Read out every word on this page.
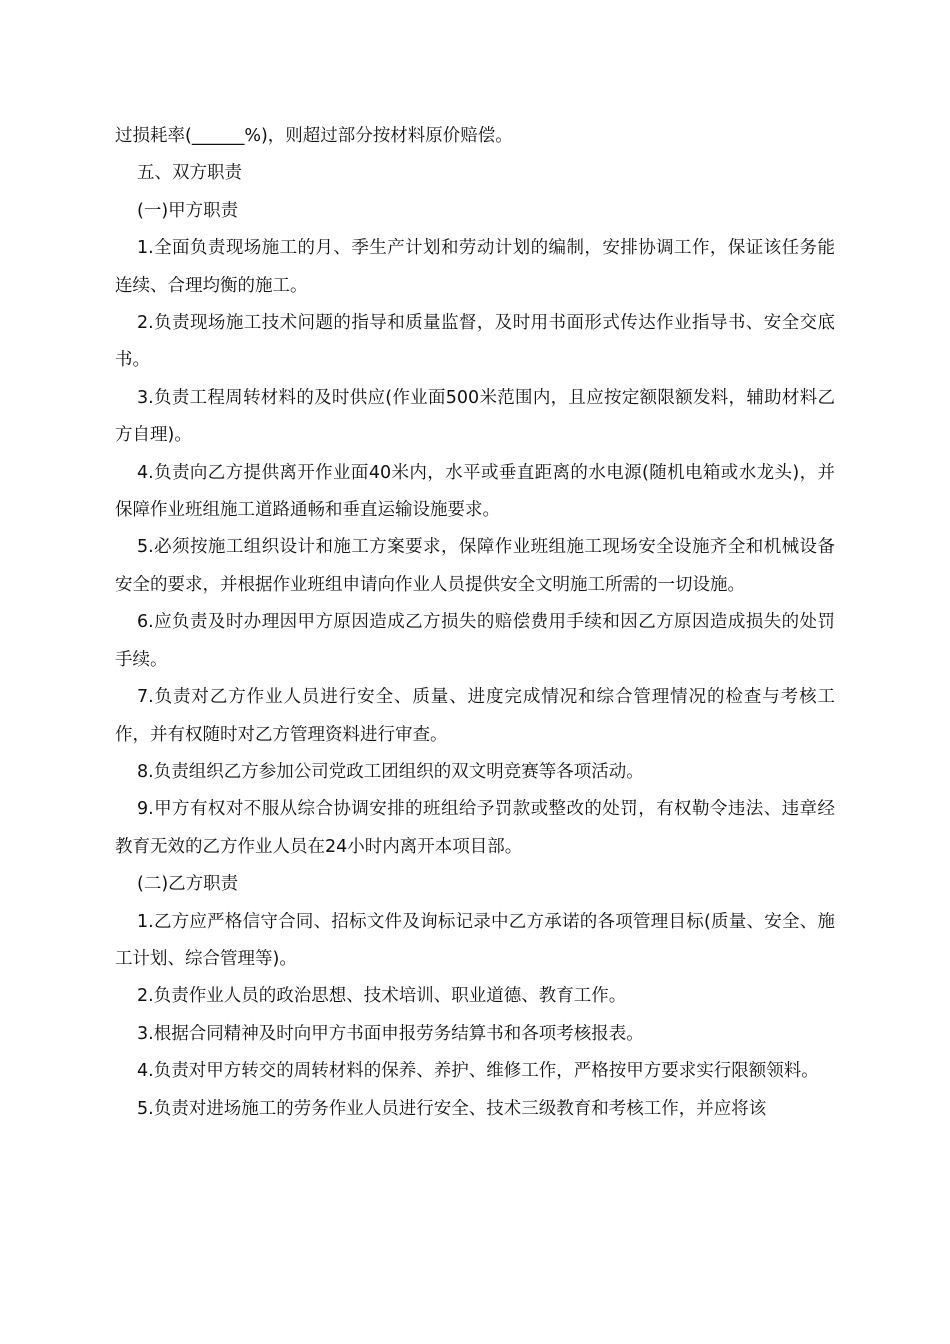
过损耗率(______%)，则超过部分按材料原价赔偿。

五、双方职责

(一)甲方职责

1.全面负责现场施工的月、季生产计划和劳动计划的编制，安排协调工作，保证该任务能连续、合理均衡的施工。

2.负责现场施工技术问题的指导和质量监督，及时用书面形式传达作业指导书、安全交底书。

3.负责工程周转材料的及时供应(作业面500米范围内，且应按定额限额发料，辅助材料乙方自理)。

4.负责向乙方提供离开作业面40米内，水平或垂直距离的水电源(随机电箱或水龙头)，并保障作业班组施工道路通畅和垂直运输设施要求。

5.必须按施工组织设计和施工方案要求，保障作业班组施工现场安全设施齐全和机械设备安全的要求，并根据作业班组申请向作业人员提供安全文明施工所需的一切设施。

6.应负责及时办理因甲方原因造成乙方损失的赔偿费用手续和因乙方原因造成损失的处罚手续。

7.负责对乙方作业人员进行安全、质量、进度完成情况和综合管理情况的检查与考核工作，并有权随时对乙方管理资料进行审查。

8.负责组织乙方参加公司党政工团组织的双文明竞赛等各项活动。

9.甲方有权对不服从综合协调安排的班组给予罚款或整改的处罚，有权勒令违法、违章经教育无效的乙方作业人员在24小时内离开本项目部。

(二)乙方职责

1.乙方应严格信守合同、招标文件及询标记录中乙方承诺的各项管理目标(质量、安全、施工计划、综合管理等)。

2.负责作业人员的政治思想、技术培训、职业道德、教育工作。

3.根据合同精神及时向甲方书面申报劳务结算书和各项考核报表。

4.负责对甲方转交的周转材料的保养、养护、维修工作，严格按甲方要求实行限额领料。

5.负责对进场施工的劳务作业人员进行安全、技术三级教育和考核工作，并应将该
